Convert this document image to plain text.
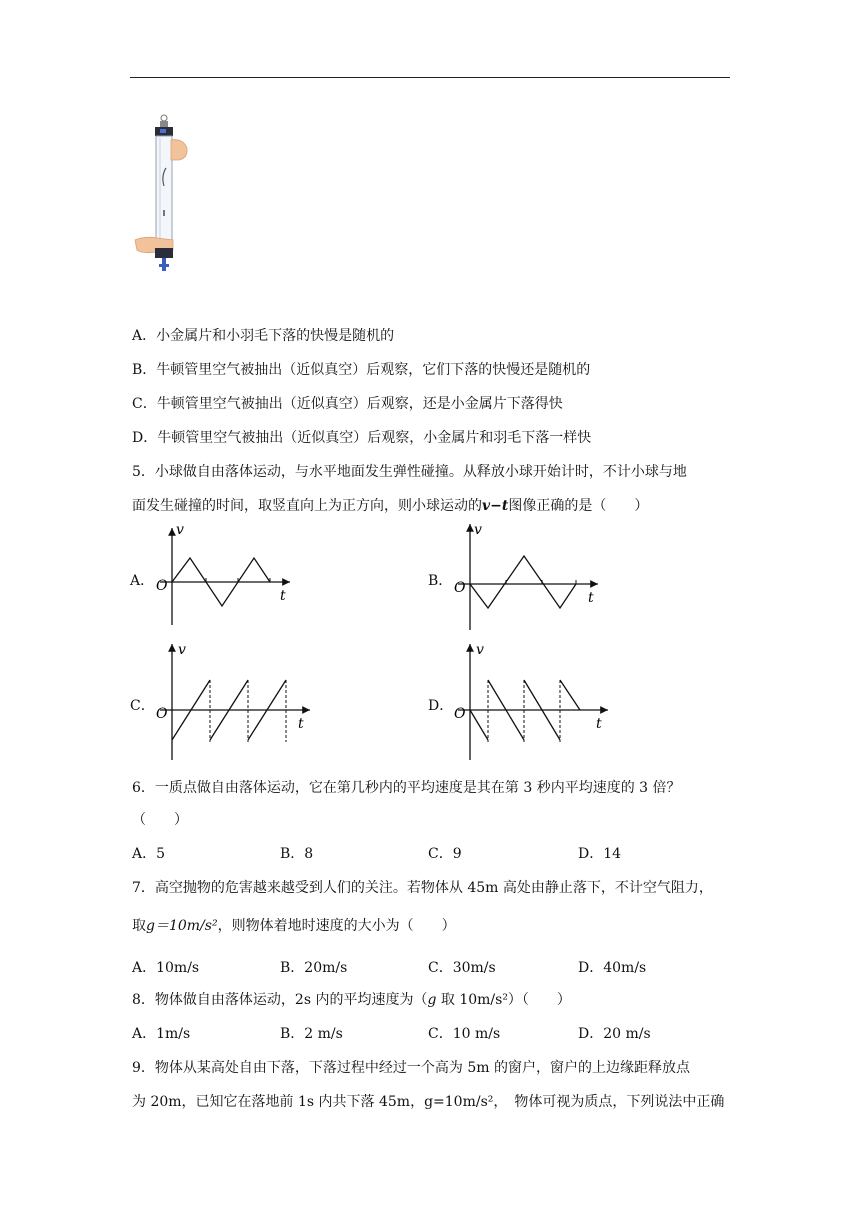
A．小金属片和小羽毛下落的快慢是随机的
B．牛顿管里空气被抽出（近似真空）后观察，它们下落的快慢还是随机的
C．牛顿管里空气被抽出（近似真空）后观察，还是小金属片下落得快
D．牛顿管里空气被抽出（近似真空）后观察，小金属片和羽毛下落一样快
5．小球做自由落体运动，与水平地面发生弹性碰撞。从释放小球开始计时，不计小球与地
面发生碰撞的时间，取竖直向上为正方向，则小球运动的v−t图像正确的是（　　）
A．	B．
C．	D．
v
t
O
v
t
O
v
t
O
v
t
O
6．一质点做自由落体运动，它在第几秒内的平均速度是其在第 3 秒内平均速度的 3 倍？
（　　）
A．5	B．8	C．9	D．14
7．高空抛物的危害越来越受到人们的关注。若物体从 45m 高处由静止落下，不计空气阻力，
取g＝10m/s²，则物体着地时速度的大小为（　　）
A．10m/s	B．20m/s	C．30m/s	D．40m/s
8．物体做自由落体运动，2s 内的平均速度为（g 取 10m/s²）（　　）
A．1m/s	B．2 m/s	C．10 m/s	D．20 m/s
9．物体从某高处自由下落，下落过程中经过一个高为 5m 的窗户，窗户的上边缘距释放点
为 20m，已知它在落地前 1s 内共下落 45m，g=10m/s²，　物体可视为质点，下列说法中正确
